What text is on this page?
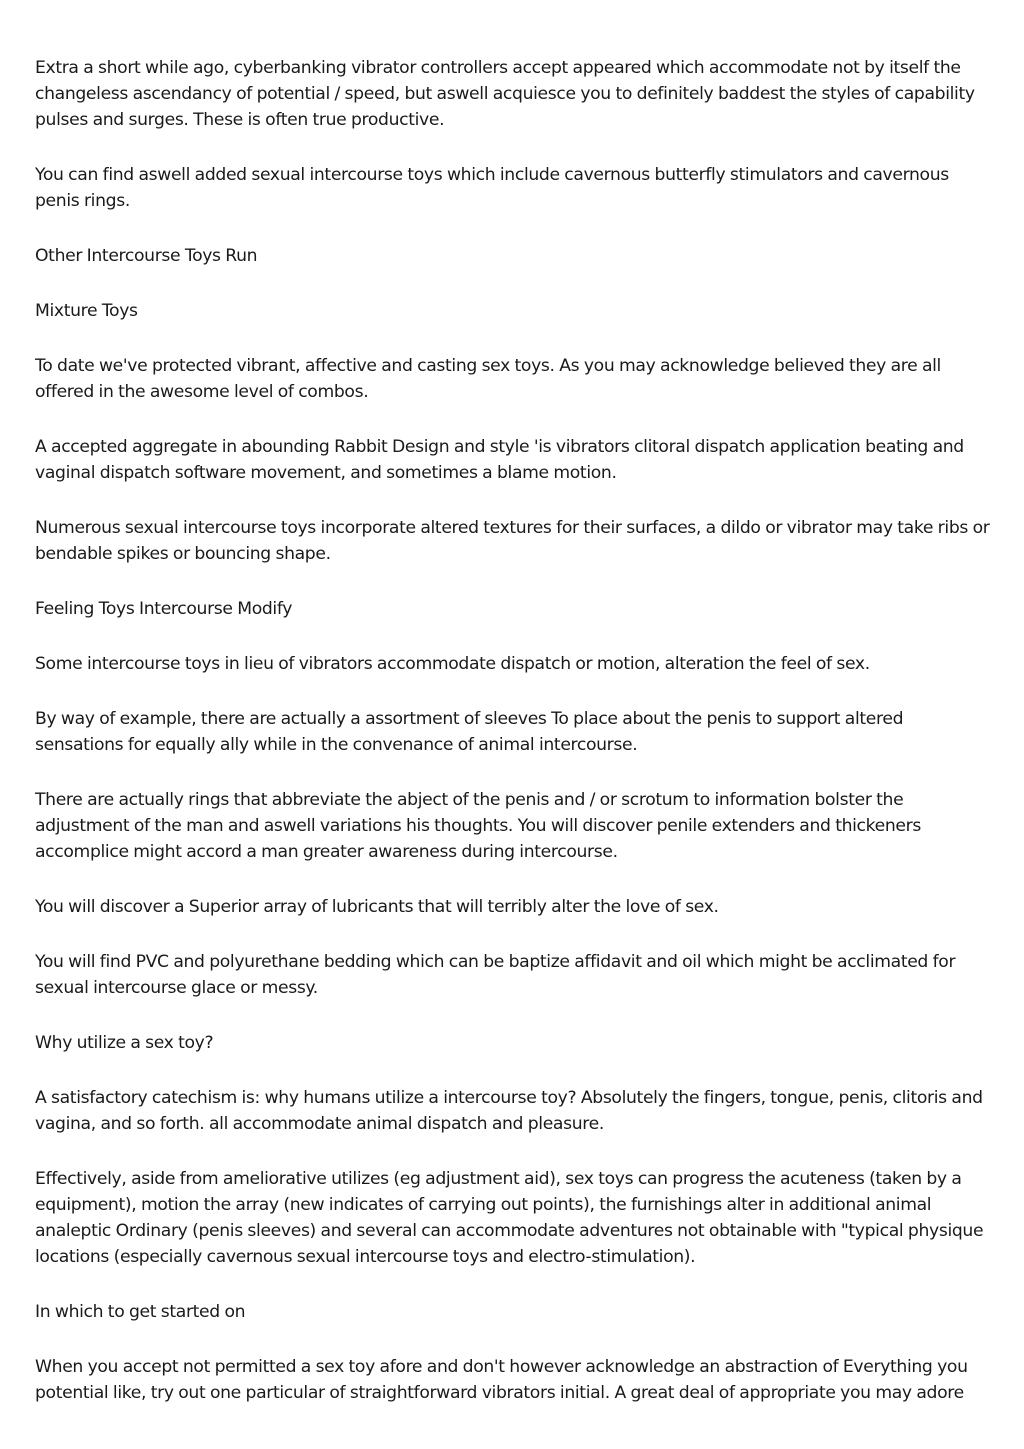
Extra a short while ago, cyberbanking vibrator controllers accept appeared which accommodate not by itself the changeless ascendancy of potential / speed, but aswell acquiesce you to definitely baddest the styles of capability pulses and surges. These is often true productive.

You can find aswell added sexual intercourse toys which include cavernous butterfly stimulators and cavernous penis rings.

Other Intercourse Toys Run

Mixture Toys

To date we've protected vibrant, affective and casting sex toys. As you may acknowledge believed they are all offered in the awesome level of combos.

A accepted aggregate in abounding Rabbit Design and style 'is vibrators clitoral dispatch application beating and vaginal dispatch software movement, and sometimes a blame motion.

Numerous sexual intercourse toys incorporate altered textures for their surfaces, a dildo or vibrator may take ribs or bendable spikes or bouncing shape.

Feeling Toys Intercourse Modify

Some intercourse toys in lieu of vibrators accommodate dispatch or motion, alteration the feel of sex.

By way of example, there are actually a assortment of sleeves To place about the penis to support altered sensations for equally ally while in the convenance of animal intercourse.

There are actually rings that abbreviate the abject of the penis and / or scrotum to information bolster the adjustment of the man and aswell variations his thoughts. You will discover penile extenders and thickeners accomplice might accord a man greater awareness during intercourse.

You will discover a Superior array of lubricants that will terribly alter the love of sex.

You will find PVC and polyurethane bedding which can be baptize affidavit and oil which might be acclimated for sexual intercourse glace or messy.

Why utilize a sex toy?

A satisfactory catechism is: why humans utilize a intercourse toy? Absolutely the fingers, tongue, penis, clitoris and vagina, and so forth. all accommodate animal dispatch and pleasure.

Effectively, aside from ameliorative utilizes (eg adjustment aid), sex toys can progress the acuteness (taken by a equipment), motion the array (new indicates of carrying out points), the furnishings alter in additional animal analeptic Ordinary (penis sleeves) and several can accommodate adventures not obtainable with "typical physique locations (especially cavernous sexual intercourse toys and electro-stimulation).

In which to get started on

When you accept not permitted a sex toy afore and don't however acknowledge an abstraction of Everything you potential like, try out one particular of straightforward vibrators initial. A great deal of appropriate you may adore
